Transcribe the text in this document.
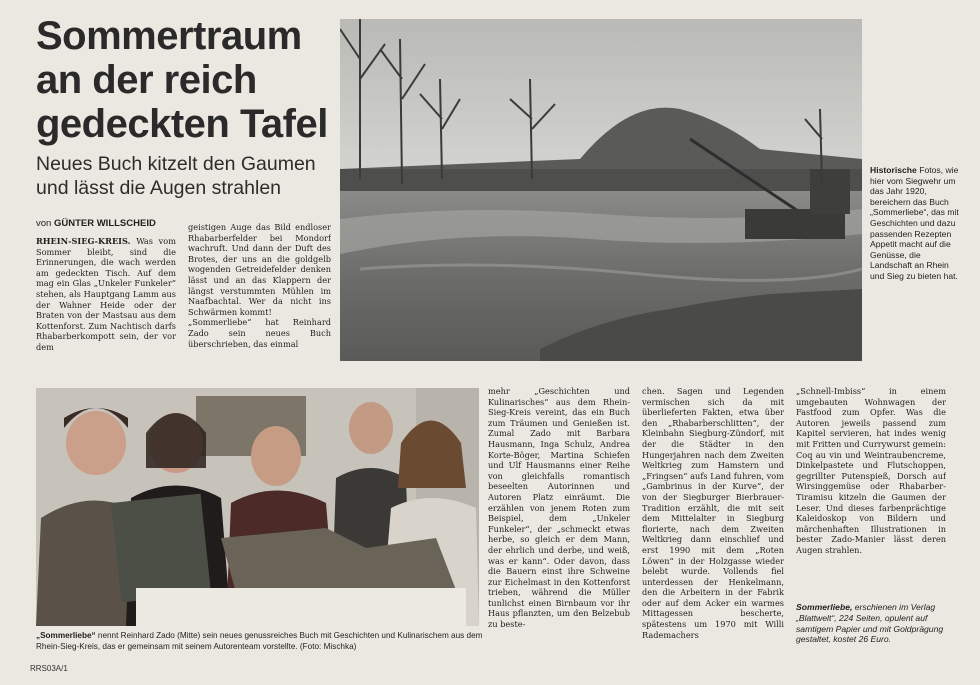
Sommertraum an der reich gedeckten Tafel
Neues Buch kitzelt den Gaumen und lässt die Augen strahlen
von GÜNTER WILLSCHEID
RHEIN-SIEG-KREIS. Was vom Sommer bleibt, sind die Erinnerungen, die wach werden am gedeckten Tisch. Auf dem mag ein Glas „Unkeler Funkeler“ stehen, als Hauptgang Lamm aus der Wahner Heide oder der Braten von der Mastsau aus dem Kottenforst. Zum Nachtisch darfs Rhabarberkompott sein, der vor dem
geistigen Auge das Bild endloser Rhabarberfelder bei Mondorf wachruft. Und dann der Duft des Brotes, der uns an die goldgelb wogenden Getreidefelder denken lässt und an das Klappern der längst verstummten Mühlen im Naafbachtal. Wer da nicht ins Schwärmen kommt!
„Sommerliebe“ hat Reinhard Zado sein neues Buch überschrieben, das einmal
Historische Fotos, wie hier vom Siegwehr um das Jahr 1920, bereichern das Buch „Sommerliebe“, das mit Geschichten und dazu passenden Rezepten Appetit macht auf die Genüsse, die Landschaft an Rhein und Sieg zu bieten hat.
„Sommerliebe“ nennt Reinhard Zado (Mitte) sein neues genussreiches Buch mit Geschichten und Kulinarischem aus dem Rhein-Sieg-Kreis, das er gemeinsam mit seinem Autorenteam vorstellte. (Foto: Mischka)
mehr „Geschichten und Kulinarisches“ aus dem Rhein-Sieg-Kreis vereint, das ein Buch zum Träumen und Genießen ist. Zumal Zado mit Barbara Hausmann, Inga Schulz, Andrea Korte-Böger, Martina Schiefen und Ulf Hausmanns einer Reihe von gleichfalls romantisch beseelten Autorinnen und Autoren Platz einräumt. Die erzählen von jenem Roten zum Beispiel, dem „Unkeler Funkeler“, der „schmeckt etwas herbe, so gleich er dem Mann, der ehrlich und derbe, und weiß, was er kann“. Oder davon, dass die Bauern einst ihre Schweine zur Eichelmast in den Kottenforst trieben, während die Müller tunlichst einen Birnbaum vor ihr Haus pflanzten, um den Belzebub zu beste-
chen. Sagen und Legenden vermischen sich da mit überlieferten Fakten, etwa über den „Rhabarberschlitten“, der Kleinbahn Siegburg-Zündorf, mit der die Städter in den Hungerjahren nach dem Zweiten Weltkrieg zum Hamstern und „Fringsen“ aufs Land fuhren, vom „Gambrinus in der Kurve“, der von der Siegburger Bierbrauer-Tradition erzählt, die mit seit dem Mittelalter in Siegburg florierte, nach dem Zweiten Weltkrieg dann einschlief und erst 1990 mit dem „Roten Löwen“ in der Holzgasse wieder belebt wurde. Vollends fiel unterdessen der Henkelmann, den die Arbeitern in der Fabrik oder auf dem Acker ein warmes Mittagessen bescherte, spätestens um 1970 mit Willi Rademachers
„Schnell-Imbiss“ in einem umgebauten Wohnwagen der Fastfood zum Opfer. Was die Autoren jeweils passend zum Kapitel servieren, hat indes wenig mit Fritten und Currywurst gemein: Coq au vin und Weintraubencreme, Dinkelpastete und Flutschoppen, gegrillter Putenspieß, Dorsch auf Wirsinggemüse oder Rhabarber-Tiramisu kitzeln die Gaumen der Leser. Und dieses farbenprächtige Kaleidoskop von Bildern und märchenhaften Illustrationen in bester Zado-Manier lässt deren Augen strahlen.
Sommerliebe, erschienen im Verlag „Blattwelt“, 224 Seiten, opulent auf samtigem Papier und mit Goldprägung gestaltet, kostet 26 Euro.
RRS03A/1
